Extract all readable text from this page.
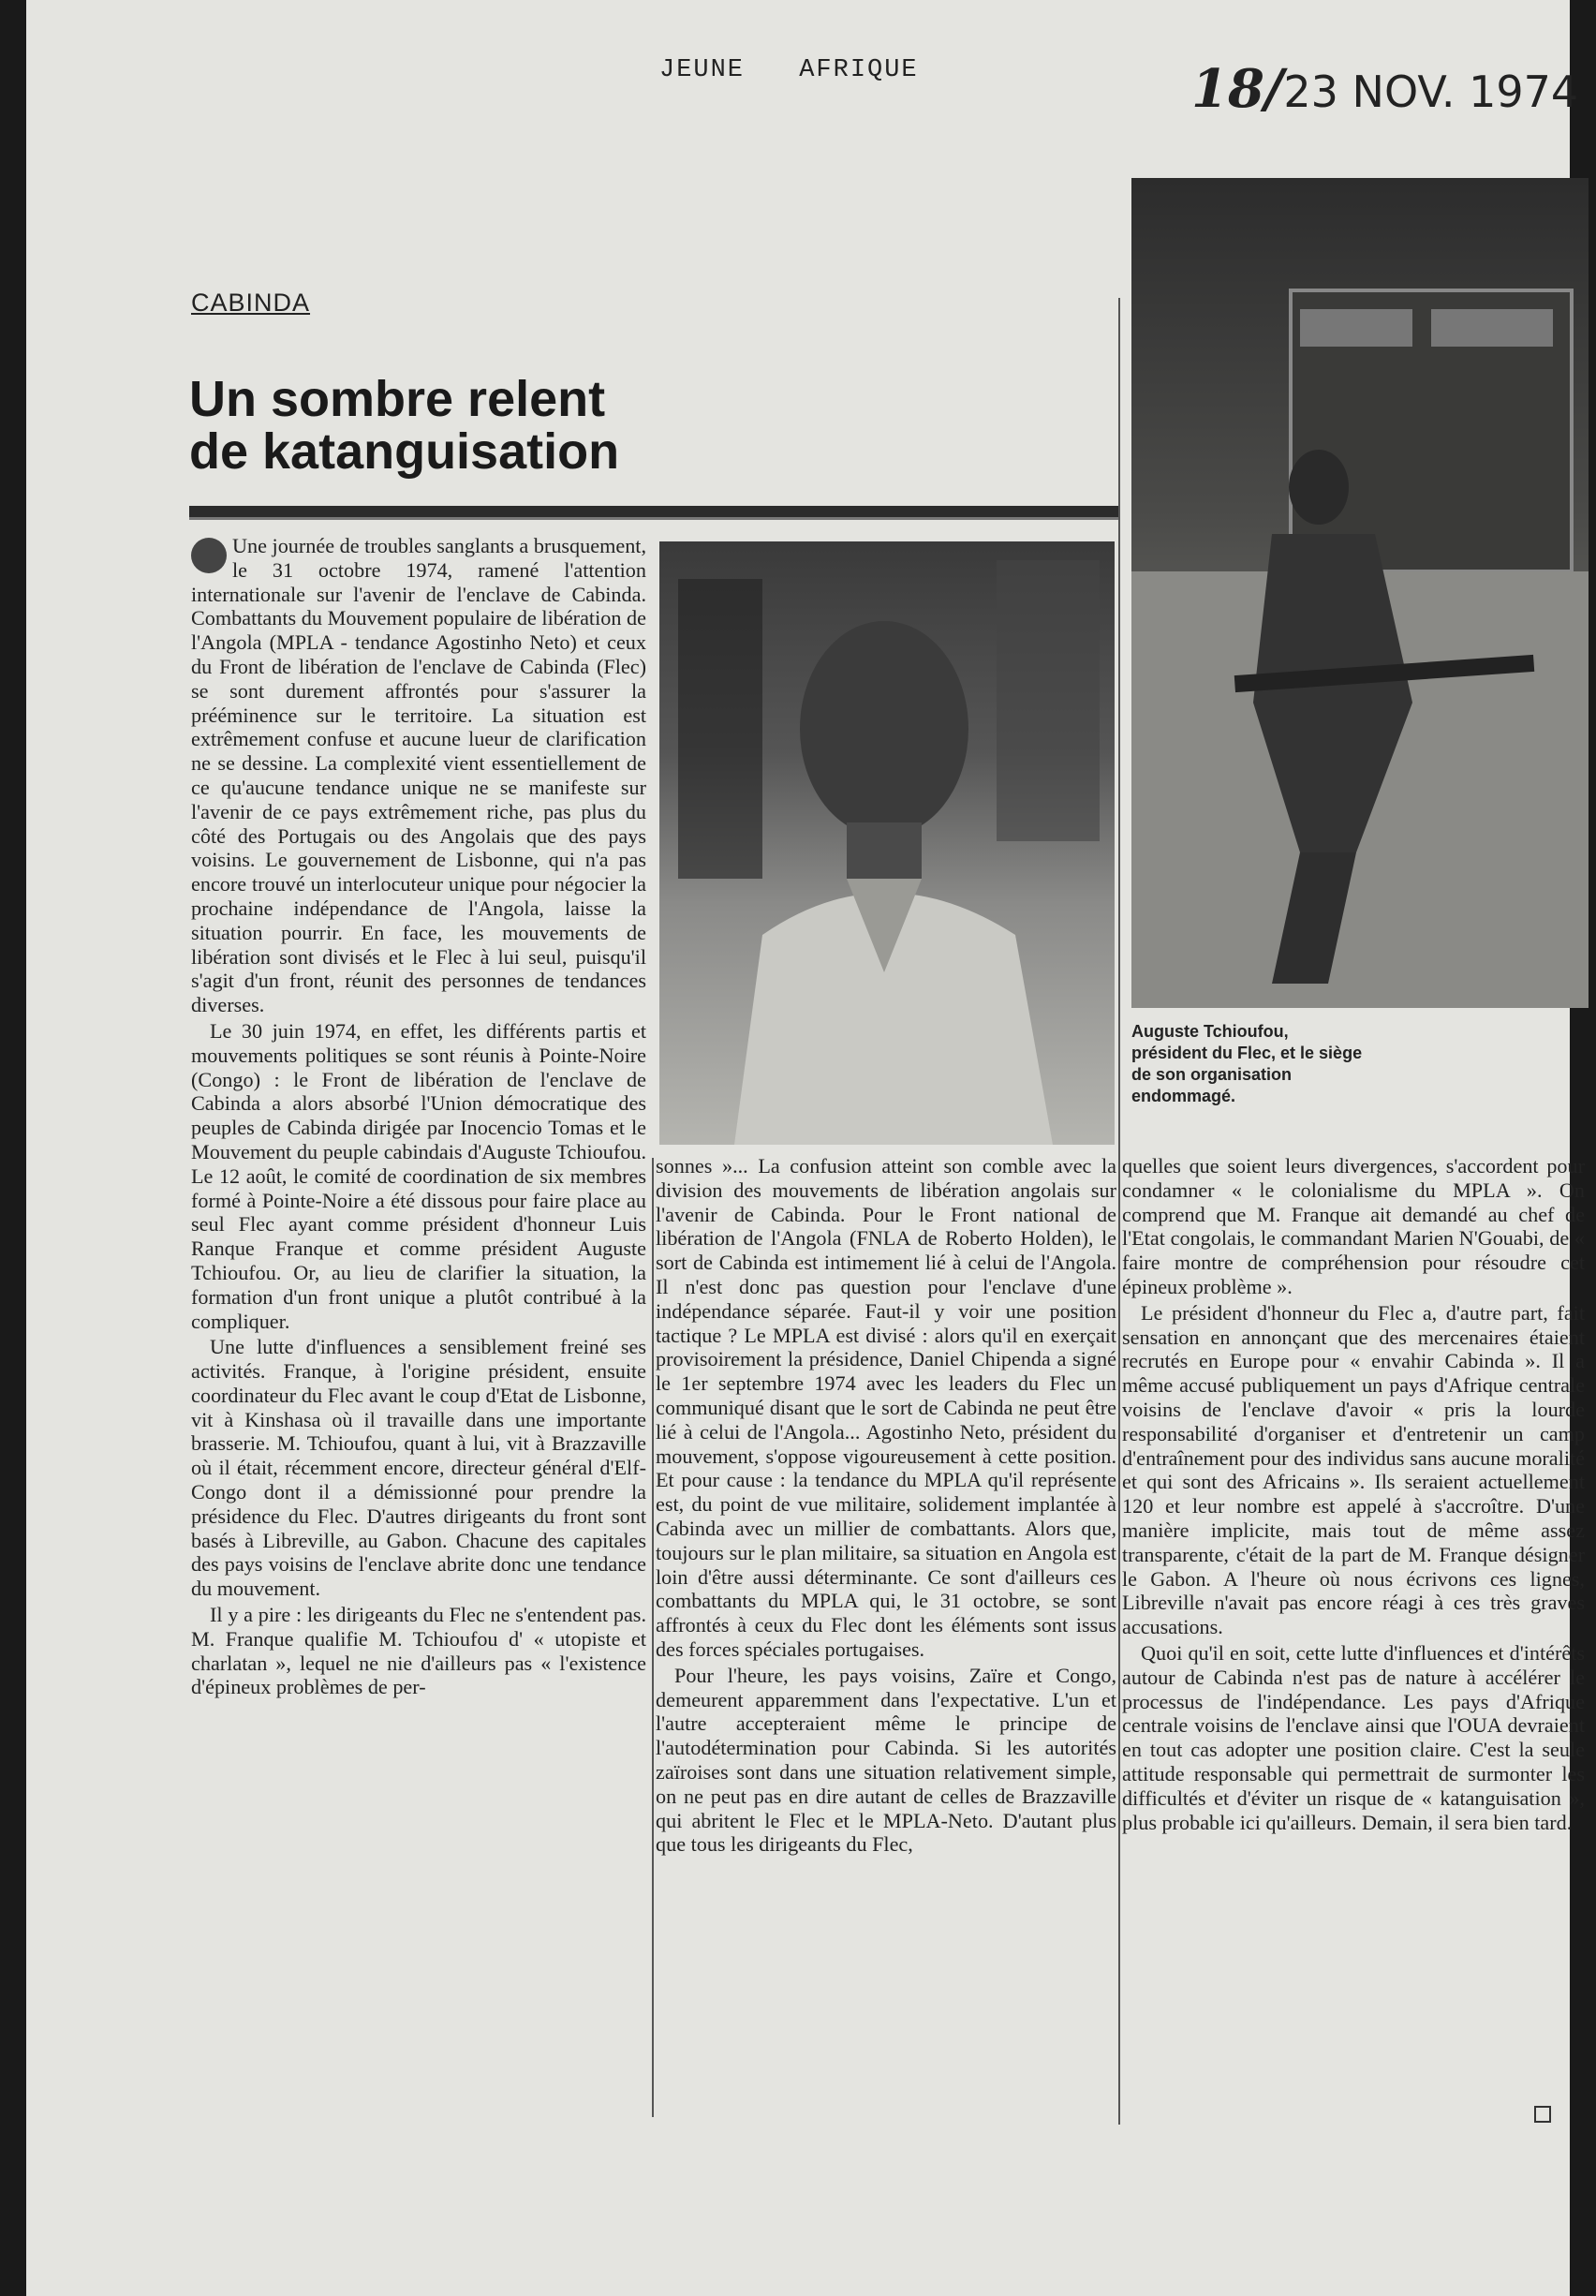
JEUNE AFRIQUE	18/23 NOV. 1974
CABINDA
Un sombre relent de katanguisation

Une journée de troubles sanglants a brusquement, le 31 octobre 1974, ramené l'attention internationale sur l'avenir de l'enclave de Cabinda. Combattants du Mouvement populaire de libération de l'Angola (MPLA - tendance Agostinho Neto) et ceux du Front de libération de l'enclave de Cabinda (Flec) se sont durement affrontés pour s'assurer la prééminence sur le territoire. La situation est extrêmement confuse et aucune lueur de clarification ne se dessine. La complexité vient essentiellement de ce qu'aucune tendance unique ne se manifeste sur l'avenir de ce pays extrêmement riche, pas plus du côté des Portugais ou des Angolais que des pays voisins. Le gouvernement de Lisbonne, qui n'a pas encore trouvé un interlocuteur unique pour négocier la prochaine indépendance de l'Angola, laisse la situation pourrir. En face, les mouvements de libération sont divisés et le Flec à lui seul, puisqu'il s'agit d'un front, réunit des personnes de tendances diverses.

Le 30 juin 1974, en effet, les différents partis et mouvements politiques se sont réunis à Pointe-Noire (Congo) : le Front de libération de l'enclave de Cabinda a alors absorbé l'Union démocratique des peuples de Cabinda dirigée par Inocencio Tomas et le Mouvement du peuple cabindais d'Auguste Tchioufou. Le 12 août, le comité de coordination de six membres formé à Pointe-Noire a été dissous pour faire place au seul Flec ayant comme président d'honneur Luis Ranque Franque et comme président Auguste Tchioufou. Or, au lieu de clarifier la situation, la formation d'un front unique a plutôt contribué à la compliquer.

Une lutte d'influences a sensiblement freiné ses activités. Franque, à l'origine président, ensuite coordinateur du Flec avant le coup d'Etat de Lisbonne, vit à Kinshasa où il travaille dans une importante brasserie. M. Tchioufou, quant à lui, vit à Brazzaville où il était, récemment encore, directeur général d'Elf-Congo dont il a démissionné pour prendre la présidence du Flec. D'autres dirigeants du front sont basés à Libreville, au Gabon. Chacune des capitales des pays voisins de l'enclave abrite donc une tendance du mouvement.

Il y a pire : les dirigeants du Flec ne s'entendent pas. M. Franque qualifie M. Tchioufou d' « utopiste et charlatan », lequel ne nie d'ailleurs pas « l'existence d'épineux problèmes de per-

Auguste Tchioufou, président du Flec, et le siège de son organisation endommagé.

sonnes »... La confusion atteint son comble avec la division des mouvements de libération angolais sur l'avenir de Cabinda. Pour le Front national de libération de l'Angola (FNLA de Roberto Holden), le sort de Cabinda est intimement lié à celui de l'Angola. Il n'est donc pas question pour l'enclave d'une indépendance séparée. Faut-il y voir une position tactique ? Le MPLA est divisé : alors qu'il en exerçait provisoirement la présidence, Daniel Chipenda a signé le 1er septembre 1974 avec les leaders du Flec un communiqué disant que le sort de Cabinda ne peut être lié à celui de l'Angola... Agostinho Neto, président du mouvement, s'oppose vigoureusement à cette position. Et pour cause : la tendance du MPLA qu'il représente est, du point de vue militaire, solidement implantée à Cabinda avec un millier de combattants. Alors que, toujours sur le plan militaire, sa situation en Angola est loin d'être aussi déterminante. Ce sont d'ailleurs ces combattants du MPLA qui, le 31 octobre, se sont affrontés à ceux du Flec dont les éléments sont issus des forces spéciales portugaises.

Pour l'heure, les pays voisins, Zaïre et Congo, demeurent apparemment dans l'expectative. L'un et l'autre accepteraient même le principe de l'autodétermination pour Cabinda. Si les autorités zaïroises sont dans une situation relativement simple, on ne peut pas en dire autant de celles de Brazzaville qui abritent le Flec et le MPLA-Neto. D'autant plus que tous les dirigeants du Flec,

quelles que soient leurs divergences, s'accordent pour condamner « le colonialisme du MPLA ». On comprend que M. Franque ait demandé au chef de l'Etat congolais, le commandant Marien N'Gouabi, de « faire montre de compréhension pour résoudre cet épineux problème ».

Le président d'honneur du Flec a, d'autre part, fait sensation en annonçant que des mercenaires étaient recrutés en Europe pour « envahir Cabinda ». Il a même accusé publiquement un pays d'Afrique centrale voisins de l'enclave d'avoir « pris la lourde responsabilité d'organiser et d'entretenir un camp d'entraînement pour des individus sans aucune moralité et qui sont des Africains ». Ils seraient actuellement 120 et leur nombre est appelé à s'accroître. D'une manière implicite, mais tout de même assez transparente, c'était de la part de M. Franque désigner le Gabon. A l'heure où nous écrivons ces lignes, Libreville n'avait pas encore réagi à ces très graves accusations.

Quoi qu'il en soit, cette lutte d'influences et d'intérêts autour de Cabinda n'est pas de nature à accélérer le processus de l'indépendance. Les pays d'Afrique centrale voisins de l'enclave ainsi que l'OUA devraient en tout cas adopter une position claire. C'est la seule attitude responsable qui permettrait de surmonter les difficultés et d'éviter un risque de « katanguisation », plus probable ici qu'ailleurs. Demain, il sera bien tard.
